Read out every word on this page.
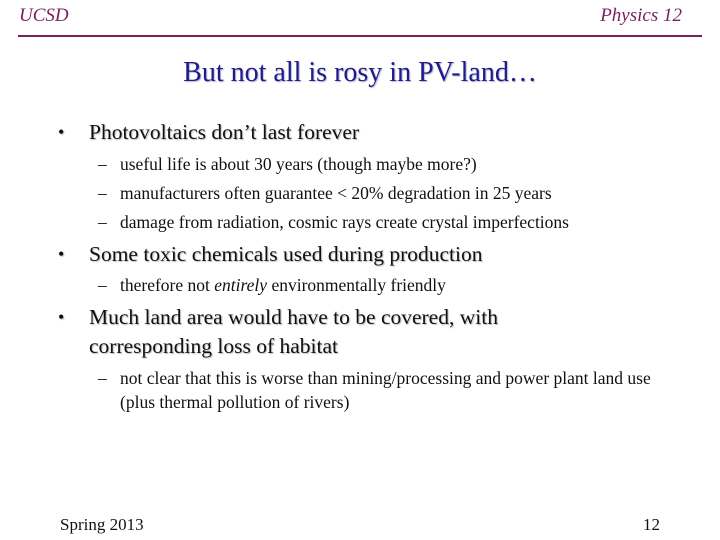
UCSD	Physics 12
But not all is rosy in PV-land…
• Photovoltaics don’t last forever
– useful life is about 30 years (though maybe more?)
– manufacturers often guarantee < 20% degradation in 25 years
– damage from radiation, cosmic rays create crystal imperfections
• Some toxic chemicals used during production
– therefore not entirely environmentally friendly
• Much land area would have to be covered, with corresponding loss of habitat
– not clear that this is worse than mining/processing and power plant land use (plus thermal pollution of rivers)
Spring 2013	12
